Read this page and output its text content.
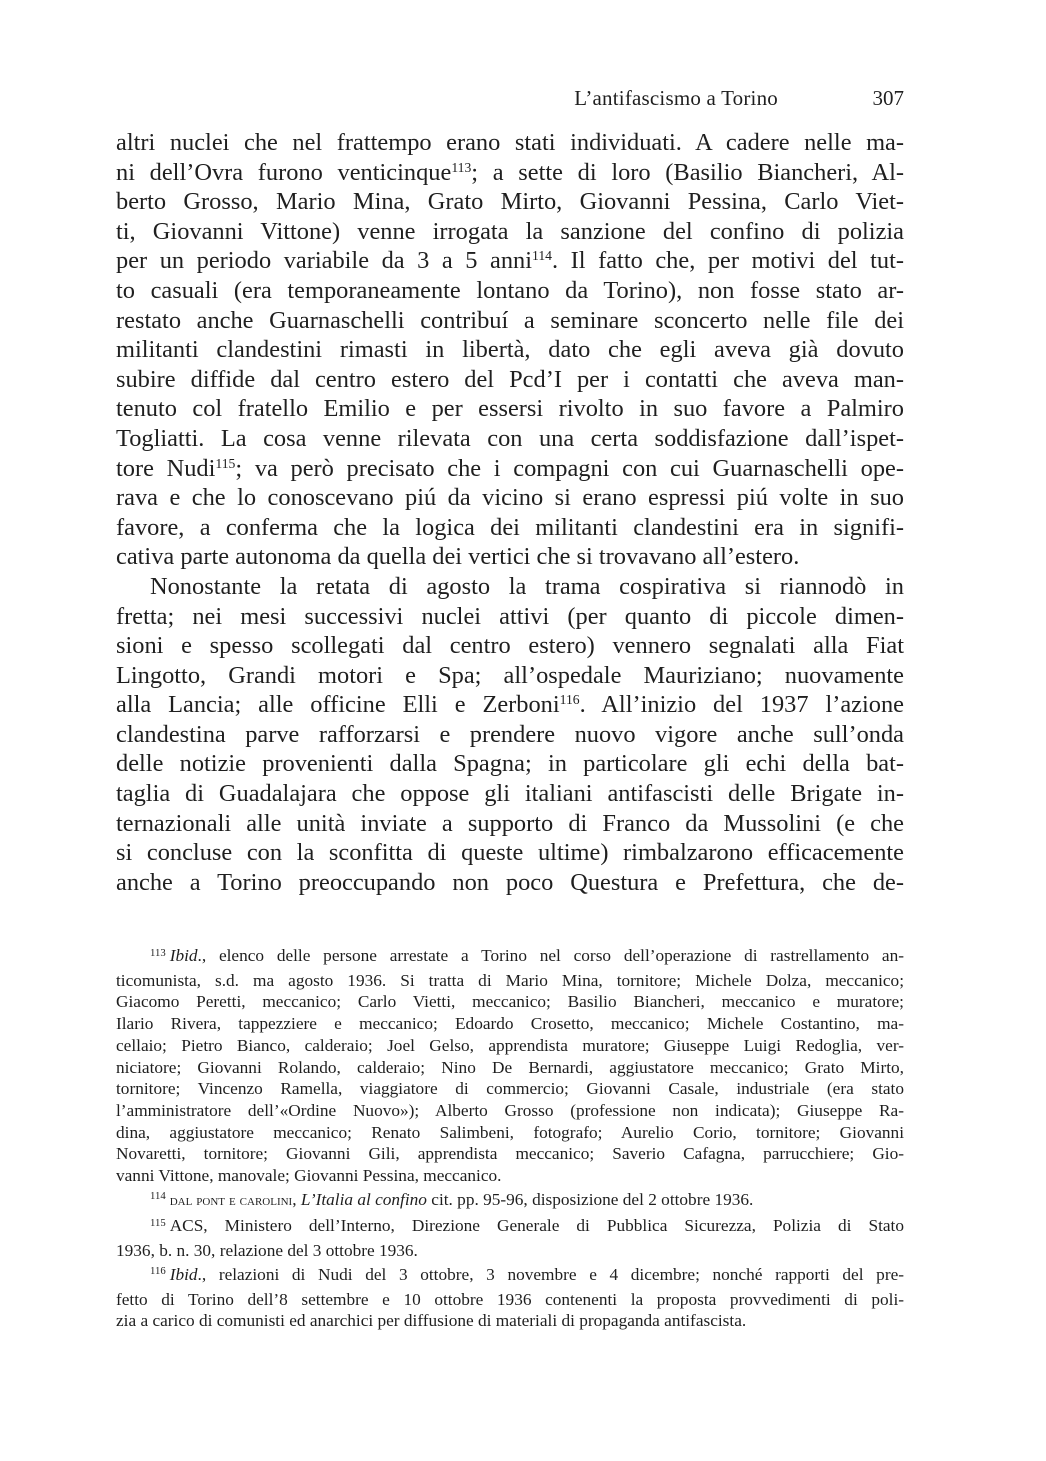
L’antifascismo a Torino	307
altri nuclei che nel frattempo erano stati individuati. A cadere nelle ma-
ni dell’Ovra furono venticinque$^{113}$; a sette di loro (Basilio Biancheri, Al-
berto Grosso, Mario Mina, Grato Mirto, Giovanni Pessina, Carlo Viet-
ti, Giovanni Vittone) venne irrogata la sanzione del confino di polizia
per un periodo variabile da 3 a 5 anni$^{114}$. Il fatto che, per motivi del tut-
to casuali (era temporaneamente lontano da Torino), non fosse stato ar-
restato anche Guarnaschelli contribuí a seminare sconcerto nelle file dei
militanti clandestini rimasti in libertà, dato che egli aveva già dovuto
subire diffide dal centro estero del Pcd’I per i contatti che aveva man-
tenuto col fratello Emilio e per essersi rivolto in suo favore a Palmiro
Togliatti. La cosa venne rilevata con una certa soddisfazione dall’ispet-
tore Nudi$^{115}$; va però precisato che i compagni con cui Guarnaschelli ope-
rava e che lo conoscevano piú da vicino si erano espressi piú volte in suo
favore, a conferma che la logica dei militanti clandestini era in signifi-
cativa parte autonoma da quella dei vertici che si trovavano all’estero.
Nonostante la retata di agosto la trama cospirativa si riannodò in
fretta; nei mesi successivi nuclei attivi (per quanto di piccole dimen-
sioni e spesso scollegati dal centro estero) vennero segnalati alla Fiat
Lingotto, Grandi motori e Spa; all’ospedale Mauriziano; nuovamente
alla Lancia; alle officine Elli e Zerboni$^{116}$. All’inizio del 1937 l’azione
clandestina parve rafforzarsi e prendere nuovo vigore anche sull’onda
delle notizie provenienti dalla Spagna; in particolare gli echi della bat-
taglia di Guadalajara che oppose gli italiani antifascisti delle Brigate in-
ternazionali alle unità inviate a supporto di Franco da Mussolini (e che
si concluse con la sconfitta di queste ultime) rimbalzarono efficacemente
anche a Torino preoccupando non poco Questura e Prefettura, che de-
$^{113}$ Ibid., elenco delle persone arrestate a Torino nel corso dell’operazione di rastrellamento an-
ticomunista, s.d. ma agosto 1936. Si tratta di Mario Mina, tornitore; Michele Dolza, meccanico;
Giacomo Peretti, meccanico; Carlo Vietti, meccanico; Basilio Biancheri, meccanico e muratore;
Ilario Rivera, tappezziere e meccanico; Edoardo Crosetto, meccanico; Michele Costantino, ma-
cellaio; Pietro Bianco, calderaio; Joel Gelso, apprendista muratore; Giuseppe Luigi Redoglia, ver-
niciatore; Giovanni Rolando, calderaio; Nino De Bernardi, aggiustatore meccanico; Grato Mirto,
tornitore; Vincenzo Ramella, viaggiatore di commercio; Giovanni Casale, industriale (era stato
l’amministratore dell’«Ordine Nuovo»); Alberto Grosso (professione non indicata); Giuseppe Ra-
dina, aggiustatore meccanico; Renato Salimbeni, fotografo; Aurelio Corio, tornitore; Giovanni
Novaretti, tornitore; Giovanni Gili, apprendista meccanico; Saverio Cafagna, parrucchiere; Gio-
vanni Vittone, manovale; Giovanni Pessina, meccanico.
$^{114}$ dal pont e carolini, L’Italia al confino cit. pp. 95-96, disposizione del 2 ottobre 1936.
$^{115}$ ACS, Ministero dell’Interno, Direzione Generale di Pubblica Sicurezza, Polizia di Stato
1936, b. n. 30, relazione del 3 ottobre 1936.
$^{116}$ Ibid., relazioni di Nudi del 3 ottobre, 3 novembre e 4 dicembre; nonché rapporti del pre-
fetto di Torino dell’8 settembre e 10 ottobre 1936 contenenti la proposta provvedimenti di poli-
zia a carico di comunisti ed anarchici per diffusione di materiali di propaganda antifascista.
